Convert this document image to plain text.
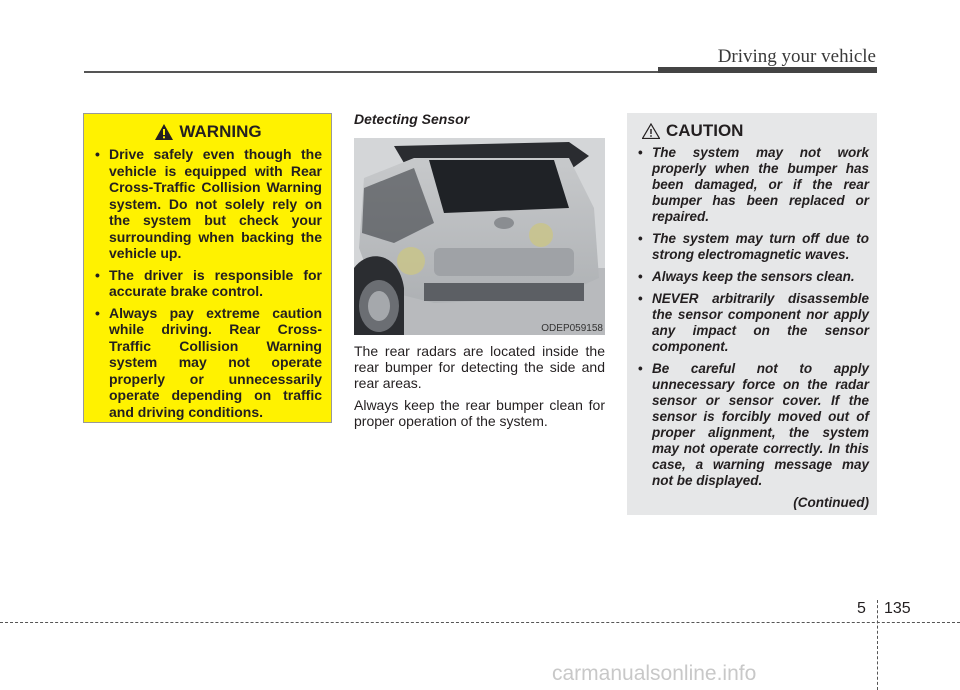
Driving your vehicle
WARNING
• Drive safely even though the vehicle is equipped with Rear Cross-Traffic Collision Warning system. Do not solely rely on the system but check your surrounding when backing the vehicle up.
• The driver is responsible for accurate brake control.
• Always pay extreme caution while driving. Rear Cross-Traffic Collision Warning system may not operate properly or unnecessarily operate depending on traffic and driving conditions.
Detecting Sensor
ODEP059158

The rear radars are located inside the rear bumper for detecting the side and rear areas.

Always keep the rear bumper clean for proper operation of the system.

CAUTION
• The system may not work properly when the bumper has been damaged, or if the rear bumper has been replaced or repaired.
• The system may turn off due to strong electromagnetic waves.
• Always keep the sensors clean.
• NEVER arbitrarily disassemble the sensor component nor apply any impact on the sensor component.
• Be careful not to apply unnecessary force on the radar sensor or sensor cover. If the sensor is forcibly moved out of proper alignment, the system may not operate correctly. In this case, a warning message may not be displayed.
(Continued)
5 135
carmanualsonline.info
